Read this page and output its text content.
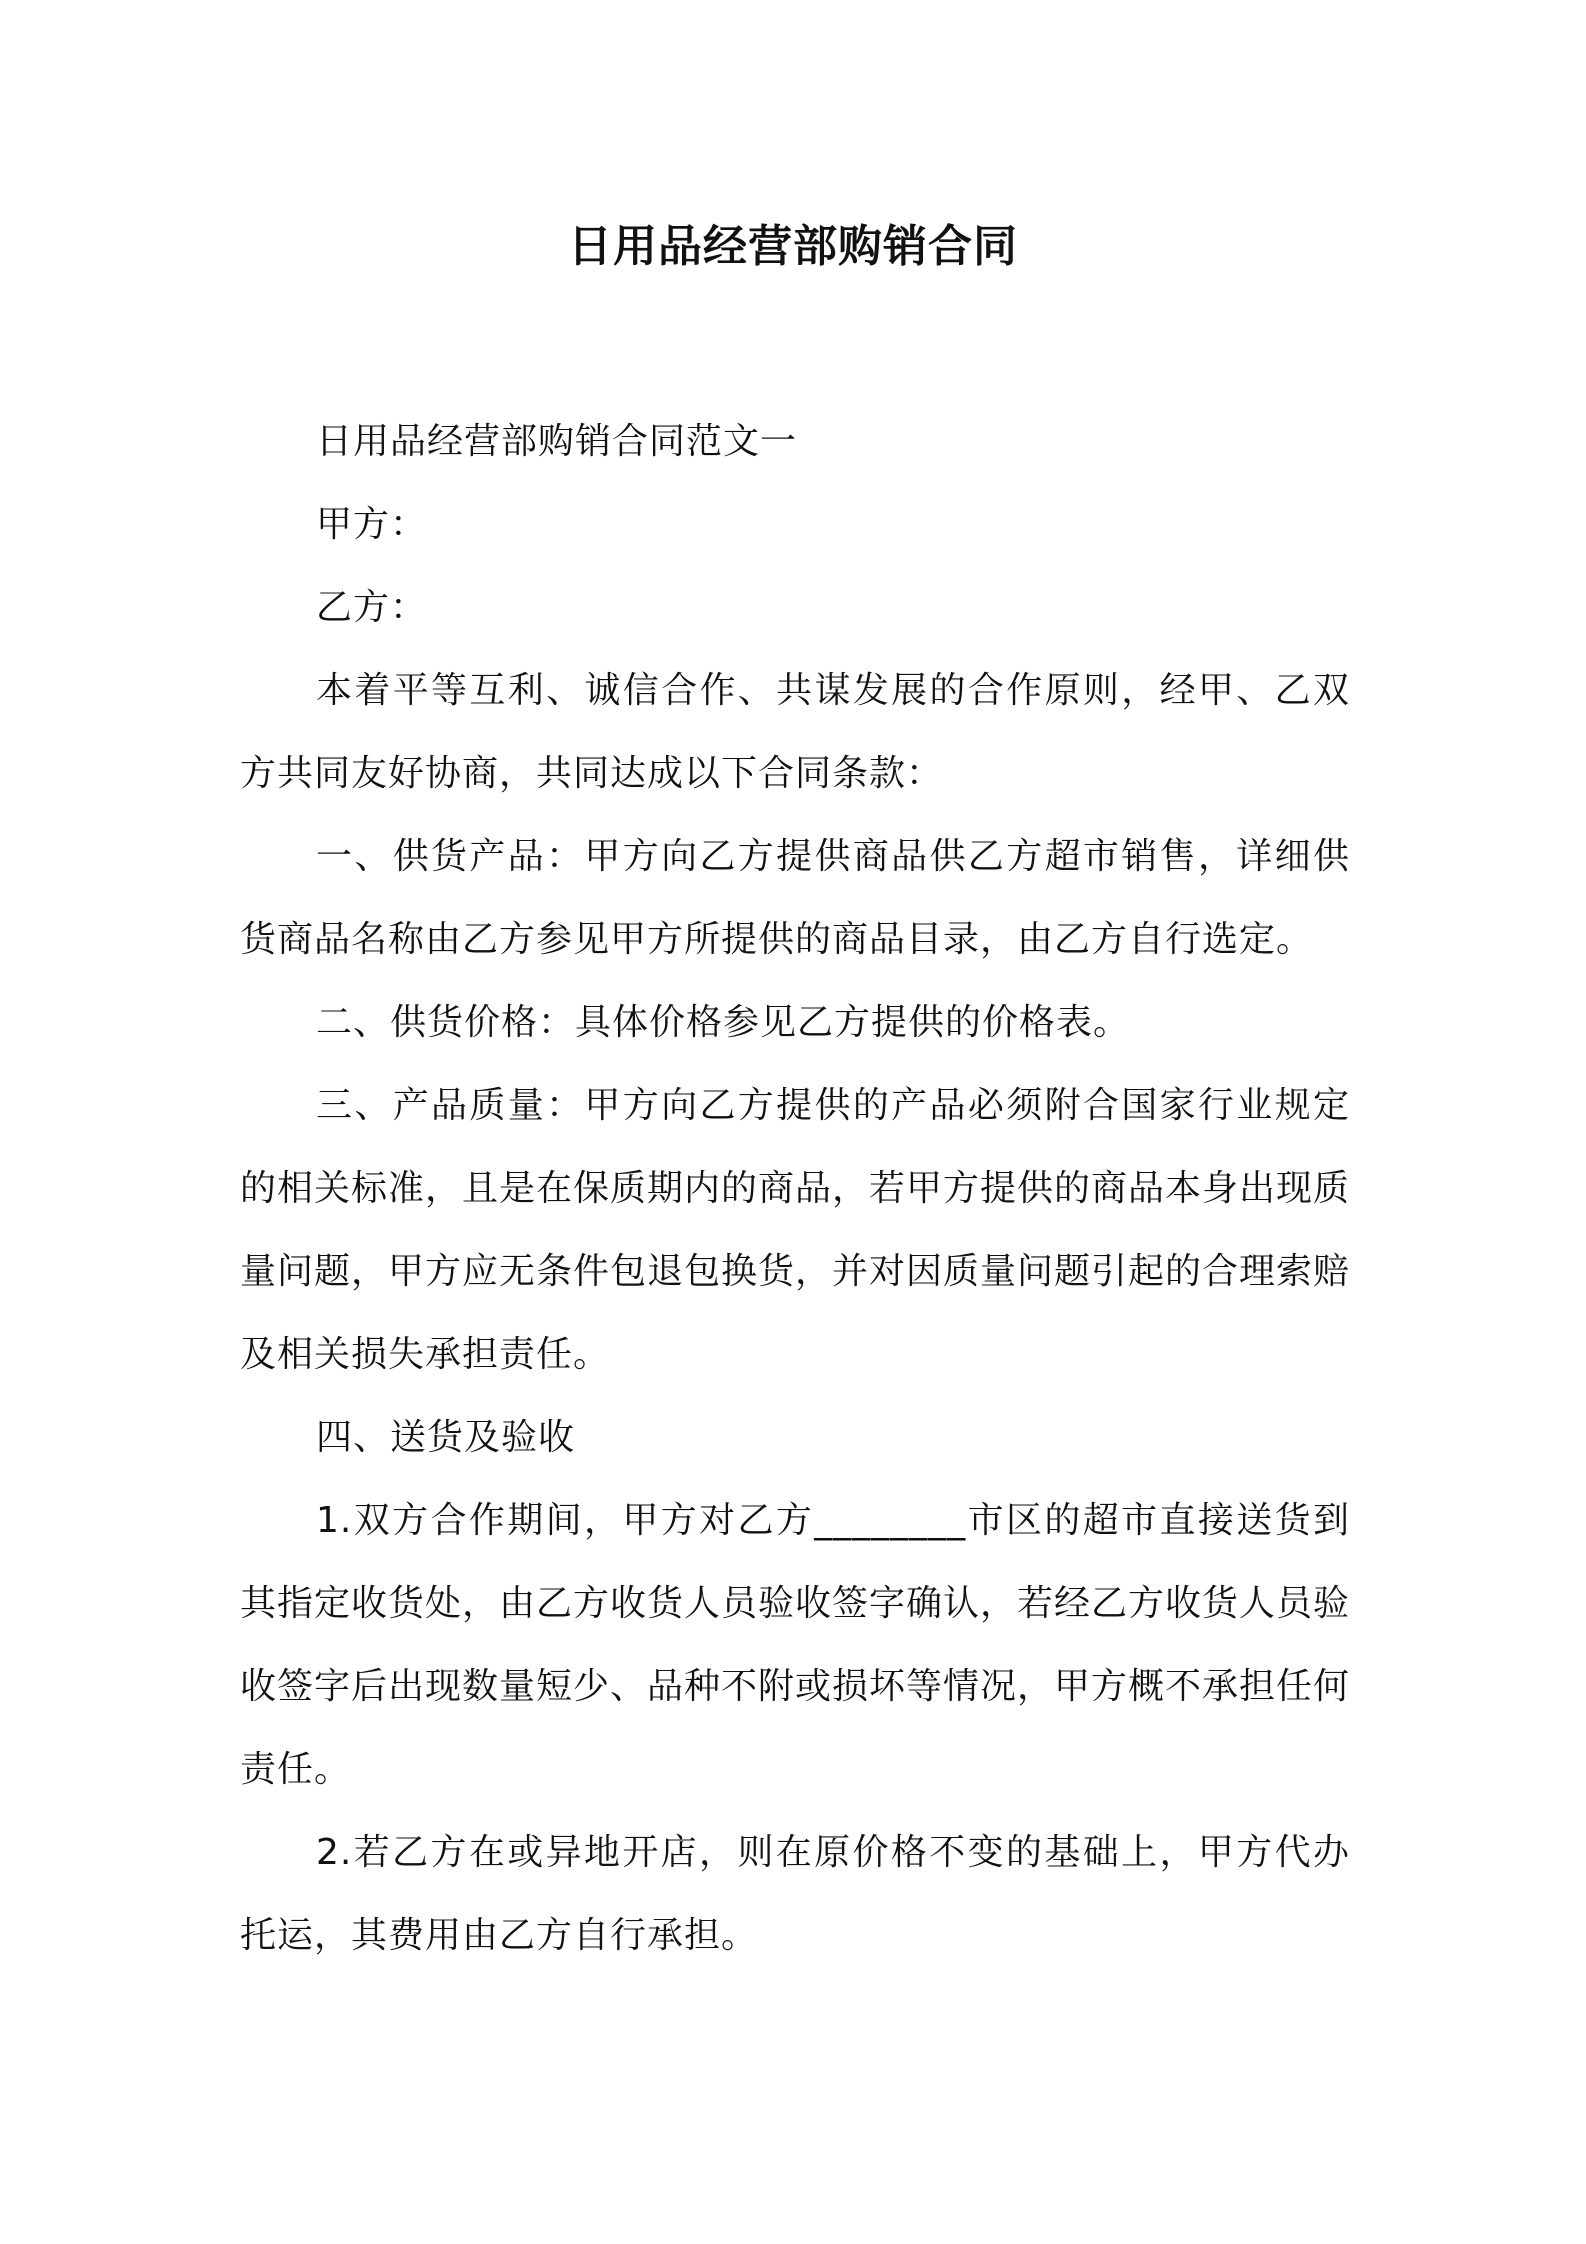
日用品经营部购销合同

日用品经营部购销合同范文一

甲方：

乙方：

本着平等互利、诚信合作、共谋发展的合作原则，经甲、乙双方共同友好协商，共同达成以下合同条款：

一、供货产品：甲方向乙方提供商品供乙方超市销售，详细供货商品名称由乙方参见甲方所提供的商品目录，由乙方自行选定。

二、供货价格：具体价格参见乙方提供的价格表。

三、产品质量：甲方向乙方提供的产品必须附合国家行业规定的相关标准，且是在保质期内的商品，若甲方提供的商品本身出现质量问题，甲方应无条件包退包换货，并对因质量问题引起的合理索赔及相关损失承担责任。

四、送货及验收

1.双方合作期间，甲方对乙方________市区的超市直接送货到其指定收货处，由乙方收货人员验收签字确认，若经乙方收货人员验收签字后出现数量短少、品种不附或损坏等情况，甲方概不承担任何责任。

2.若乙方在或异地开店，则在原价格不变的基础上，甲方代办托运，其费用由乙方自行承担。
